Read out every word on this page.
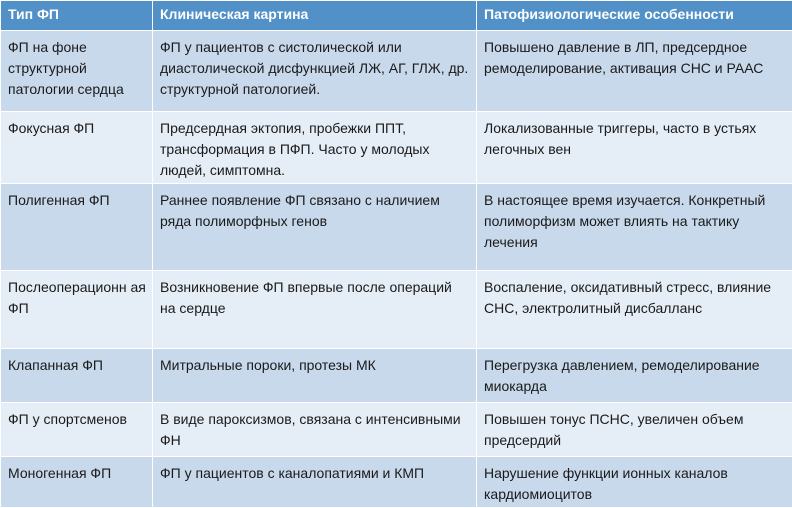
Тип ФП	Клиническая картина	Патофизиологические особенности
ФП на фоне структурной патологии сердца	ФП у пациентов с систолической или диастолической дисфункцией ЛЖ, АГ, ГЛЖ, др. структурной патологией.	Повышено давление в ЛП, предсердное ремоделирование, активация СНС и РААС
Фокусная ФП	Предсердная эктопия, пробежки ППТ, трансформация в ПФП. Часто у молодых людей, симптомна.	Локализованные триггеры, часто в устьях легочных вен
Полигенная ФП	Раннее появление ФП связано с наличием ряда полиморфных генов	В настоящее время изучается. Конкретный полиморфизм может влиять на тактику лечения
Послеоперационн ая ФП	Возникновение ФП впервые после операций на сердце	Воспаление, оксидативный стресс, влияние СНС, электролитный дисбалланс
Клапанная ФП	Митральные пороки, протезы МК	Перегрузка давлением, ремоделирование миокарда
ФП у спортсменов	В виде пароксизмов, связана с интенсивными ФН	Повышен тонус ПСНС, увеличен объем предсердий
Моногенная ФП	ФП у пациентов с каналопатиями и КМП	Нарушение функции ионных каналов кардиомиоцитов
